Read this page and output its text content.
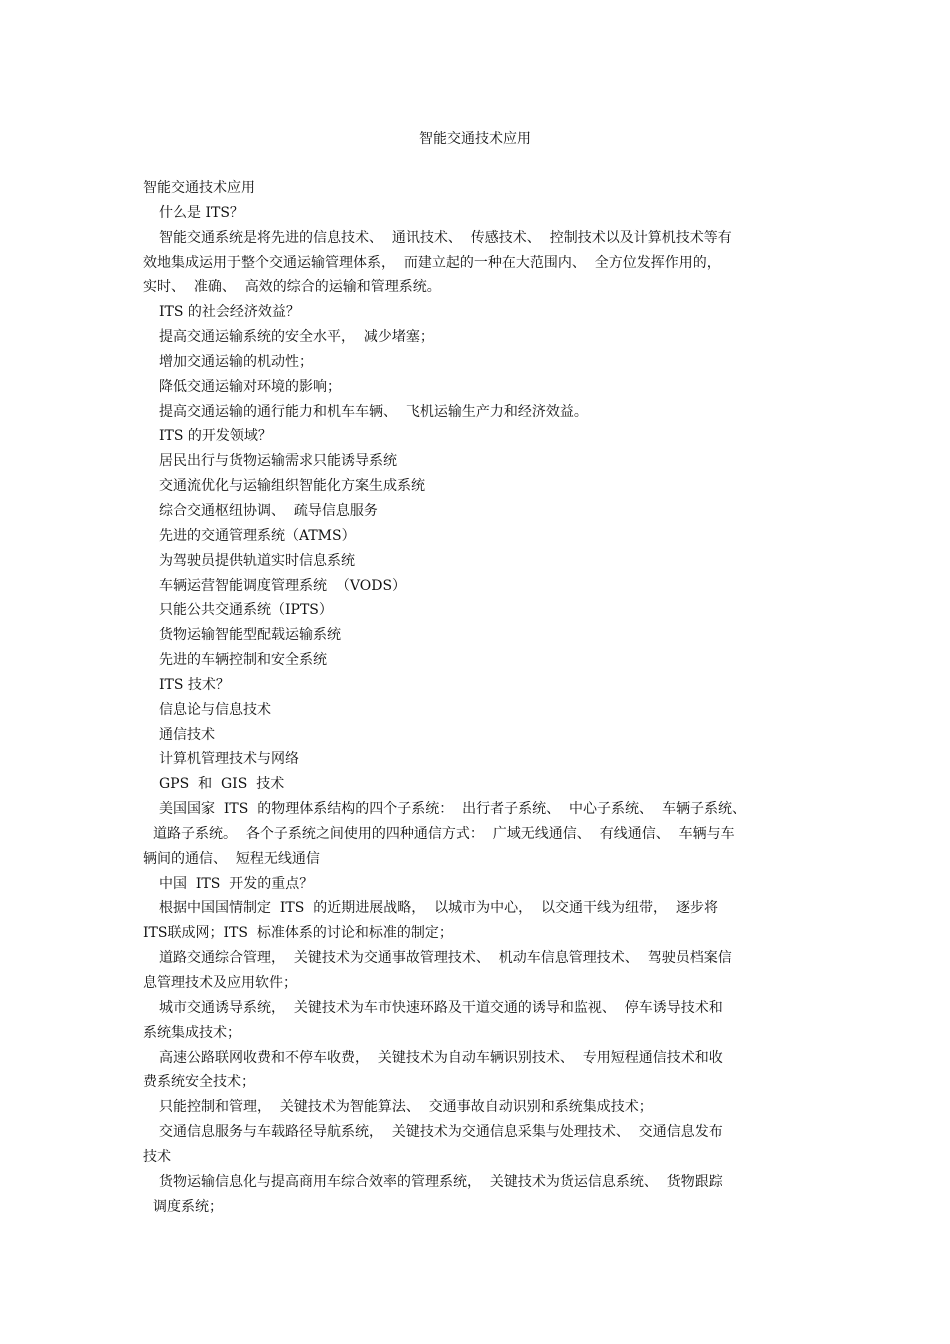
智能交通技术应用
智能交通技术应用
什么是 ITS？
智能交通系统是将先进的信息技术、  通讯技术、  传感技术、  控制技术以及计算机技术等有
效地集成运用于整个交通运输管理体系，  而建立起的一种在大范围内、  全方位发挥作用的，
实时、  准确、  高效的综合的运输和管理系统。
ITS 的社会经济效益？
提高交通运输系统的安全水平，  减少堵塞；
增加交通运输的机动性；
降低交通运输对环境的影响；
提高交通运输的通行能力和机车车辆、  飞机运输生产力和经济效益。
ITS 的开发领域？
居民出行与货物运输需求只能诱导系统
交通流优化与运输组织智能化方案生成系统
综合交通枢纽协调、  疏导信息服务
先进的交通管理系统（ATMS）
为驾驶员提供轨道实时信息系统
车辆运营智能调度管理系统  （VODS）
只能公共交通系统（IPTS）
货物运输智能型配载运输系统
先进的车辆控制和安全系统
ITS 技术？
信息论与信息技术
通信技术
计算机管理技术与网络
GPS  和  GIS  技术
美国国家  ITS  的物理体系结构的四个子系统：  出行者子系统、  中心子系统、  车辆子系统、
道路子系统。  各个子系统之间使用的四种通信方式：  广域无线通信、  有线通信、  车辆与车
辆间的通信、  短程无线通信
中国  ITS  开发的重点？
根据中国国情制定  ITS  的近期进展战略，  以城市为中心，  以交通干线为纽带，  逐步将
ITS联成网；ITS  标准体系的讨论和标准的制定；
道路交通综合管理，  关键技术为交通事故管理技术、  机动车信息管理技术、  驾驶员档案信
息管理技术及应用软件；
城市交通诱导系统，  关键技术为车市快速环路及干道交通的诱导和监视、  停车诱导技术和
系统集成技术；
高速公路联网收费和不停车收费，  关键技术为自动车辆识别技术、  专用短程通信技术和收
费系统安全技术；
只能控制和管理，  关键技术为智能算法、  交通事故自动识别和系统集成技术；
交通信息服务与车载路径导航系统，  关键技术为交通信息采集与处理技术、  交通信息发布
技术
货物运输信息化与提高商用车综合效率的管理系统，  关键技术为货运信息系统、  货物跟踪
调度系统；
